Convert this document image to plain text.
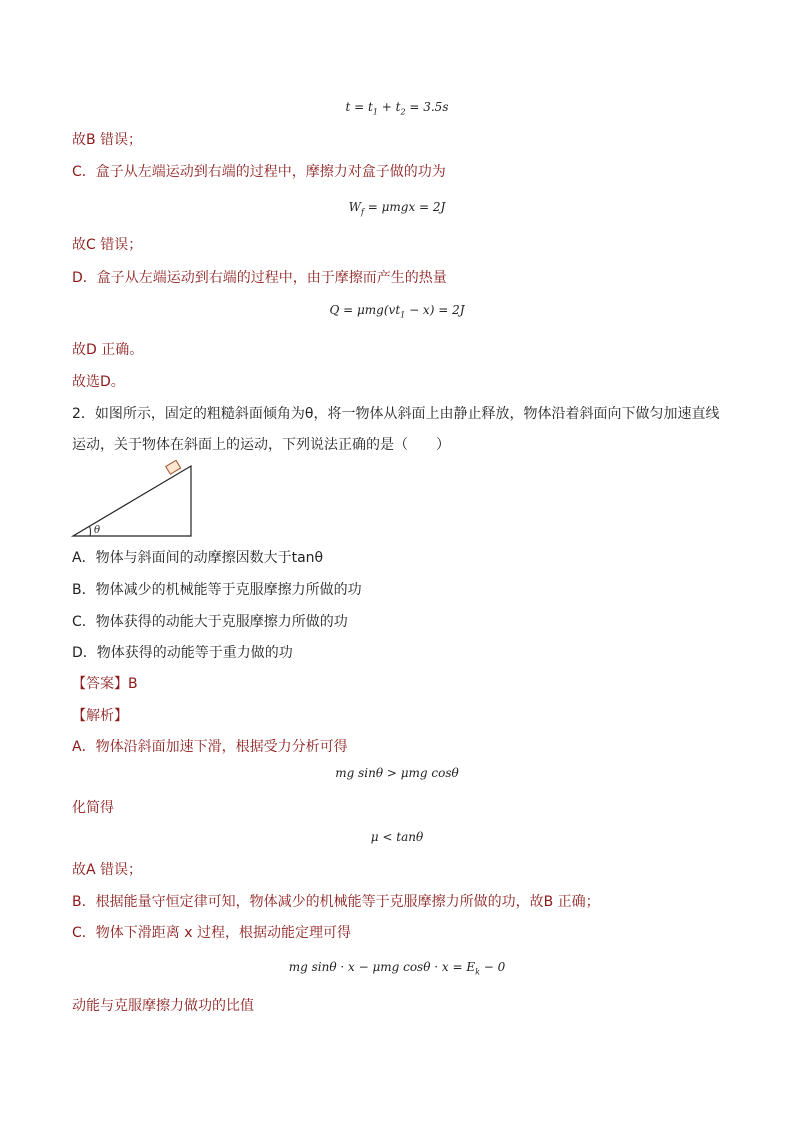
$t = t_1 + t_2 = 3.5s$
故B 错误；
C．盒子从左端运动到右端的过程中，摩擦力对盒子做的功为
$W_f = \mu mgx = 2J$
故C 错误；
D．盒子从左端运动到右端的过程中，由于摩擦而产生的热量
$Q = \mu mg(vt_1 - x) = 2J$
故D 正确。
故选D。
2．如图所示，固定的粗糙斜面倾角为θ，将一物体从斜面上由静止释放，物体沿着斜面向下做匀加速直线
运动，关于物体在斜面上的运动，下列说法正确的是（　　）
θ
A．物体与斜面间的动摩擦因数大于tanθ
B．物体减少的机械能等于克服摩擦力所做的功
C．物体获得的动能大于克服摩擦力所做的功
D．物体获得的动能等于重力做的功
【答案】B
【解析】
A．物体沿斜面加速下滑，根据受力分析可得
mg sinθ > μmg cosθ
化简得
μ < tanθ
故A 错误；
B．根据能量守恒定律可知，物体减少的机械能等于克服摩擦力所做的功，故B 正确；
C．物体下滑距离 x 过程，根据动能定理可得
mg sinθ · x − μmg $\cos\theta \cdot x = E_k - 0$
动能与克服摩擦力做功的比值
